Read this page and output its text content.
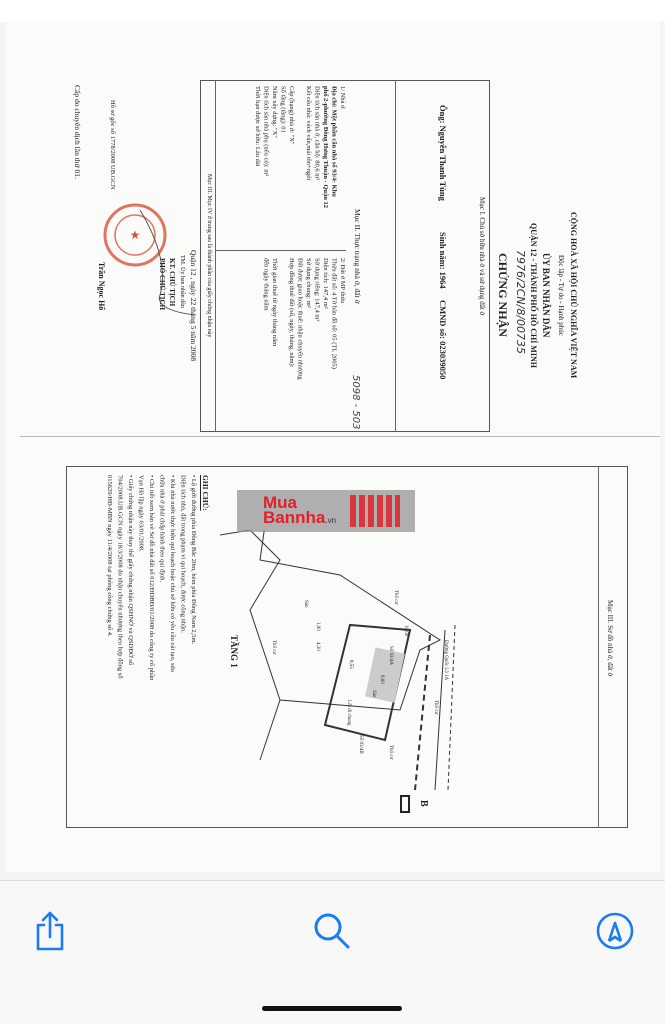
CỘNG HOÀ XÃ HỘI CHỦ NGHĨA VIỆT NAM
Độc lập - Tự do - Hạnh phúc
ỦY BAN NHÂN DÂN
QUẬN 12 - THÀNH PHỐ HỒ CHÍ MINH
7976/2CN/8/00735
CHỨNG NHẬN
Mục I. Chủ sở hữu nhà ở và sử dụng đất ở
Ông: Nguyễn Thanh Tùng
Sinh năm: 1964
CMND số: 023039050
Mục II. Thực trạng nhà ở, đất ở
5098 - 503
1/ Nhà ở
Địa chỉ: Một phần căn nhà số 93/4- Khu
phố 2-phường Đông Hưng Thuận - Quận 12
Diện tích sàn nhà ở, căn hộ: 80,6 m²
Kết cấu nhà: vách vấn,mái tôn+ngói

Cấp (hạng) nhà ở: "X"
Số tầng (tầng): 01
Năm xây dựng: "X"
Diện tích sàn nhà phụ (nếu có): m²
Thời hạn được sở hữu: Lâu dài
2/ Đất ở MP thửa
Thửa đất số: 4 Tờ bản đồ số: 05 (TL 2005)
Diện tích: 147,4 m²
Sử dụng riêng: 147,4 m²
Sử dụng chung: m²
Đất được giao hoặc thuê: nhận chuyển nhượng
Hợp đồng thuê đất (số, ngày, tháng, năm):

Thời gian thuê từ ngày tháng năm
đến ngày tháng năm
Mục III. Mục IV ở trang sau là thành phần của giấy chứng nhận này
Quận 12 , ngày 22 tháng 5 năm 2008
TM. Ủy ban nhân dân
KT. CHỦ TỊCH
PHÓ CHỦ TỊCH
Trần Ngọc Hổ
★
Hồ sơ gốc số 1778/2008 UB.GCN
Cấp do chuyển dịch lần thứ 01.
Mục III. Sơ đồ nhà ở, đất ở
TẦNG 1	Đường Quốc Lộ 1A
Số 93/4A
Số 93/4B
Thổ cư
Thổ cư
Thổ cư
Thổ cư
Sân
Sân
Lối đi chung
10,00
8,60
8,55
4,30
1,90
B
GHI CHÚ:
• Lộ giới đường phía Đông Bắc 20m, hẻm phía Đông Nam 2,5m.
Diện tích nhà, đất trong phạm vi qui hoạch, được công nhận.
• Khi nhà nước thực hiện qui hoạch hoặc chủ sở hữu có yêu cầu cải tạo, sửa
chữa nhà ở phải chấp hành theo qui định.
• Chi tiết xem bản vẽ Sơ đồ nhà đất số 012/ĐDBĐ/01/2008 do công ty cổ phần
Vạn Hà lập ngày 03/01/2008.
• Giấy chứng nhận này thay thế giấy chứng nhận QSHNỞ và QSDĐỞ số
704/2008.UB.GCN ngày 18/3/2008 do nhận chuyển nhượng theo hợp đồng số
015629/HĐ-MBN ngày 11/4/2008 tại phòng công chứng số 4.	Mua
Bannha.vn
